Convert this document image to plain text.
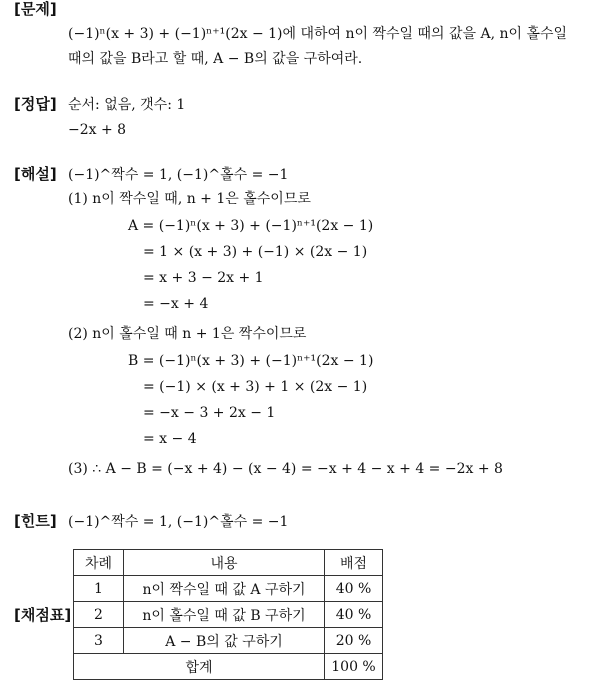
[문제]
[정답]
[해설]
[힌트]
[채점표]
(−1)ⁿ(x + 3) + (−1)ⁿ⁺¹(2x − 1)에 대하여 n이 짝수일 때의 값을 A, n이 홀수일
때의 값을 B라고 할 때, A − B의 값을 구하여라.
순서: 없음, 갯수: 1
−2x + 8
(−1)^짝수 = 1, (−1)^홀수 = −1
(1) n이 짝수일 때, n + 1은 홀수이므로
A = (−1)ⁿ(x + 3) + (−1)ⁿ⁺¹(2x − 1)
= 1 × (x + 3) + (−1) × (2x − 1)
= x + 3 − 2x + 1
= −x + 4
(2) n이 홀수일 때 n + 1은 짝수이므로
B = (−1)ⁿ(x + 3) + (−1)ⁿ⁺¹(2x − 1)
= (−1) × (x + 3) + 1 × (2x − 1)
= −x − 3 + 2x − 1
= x − 4
(3) ∴ A − B = (−x + 4) − (x − 4) = −x + 4 − x + 4 = −2x + 8
(−1)^짝수 = 1, (−1)^홀수 = −1
차례	내용	배점
1	n이 짝수일 때 값 A 구하기	40 %
2	n이 홀수일 때 값 B 구하기	40 %
3	A − B의 값 구하기	20 %
합계		100 %
